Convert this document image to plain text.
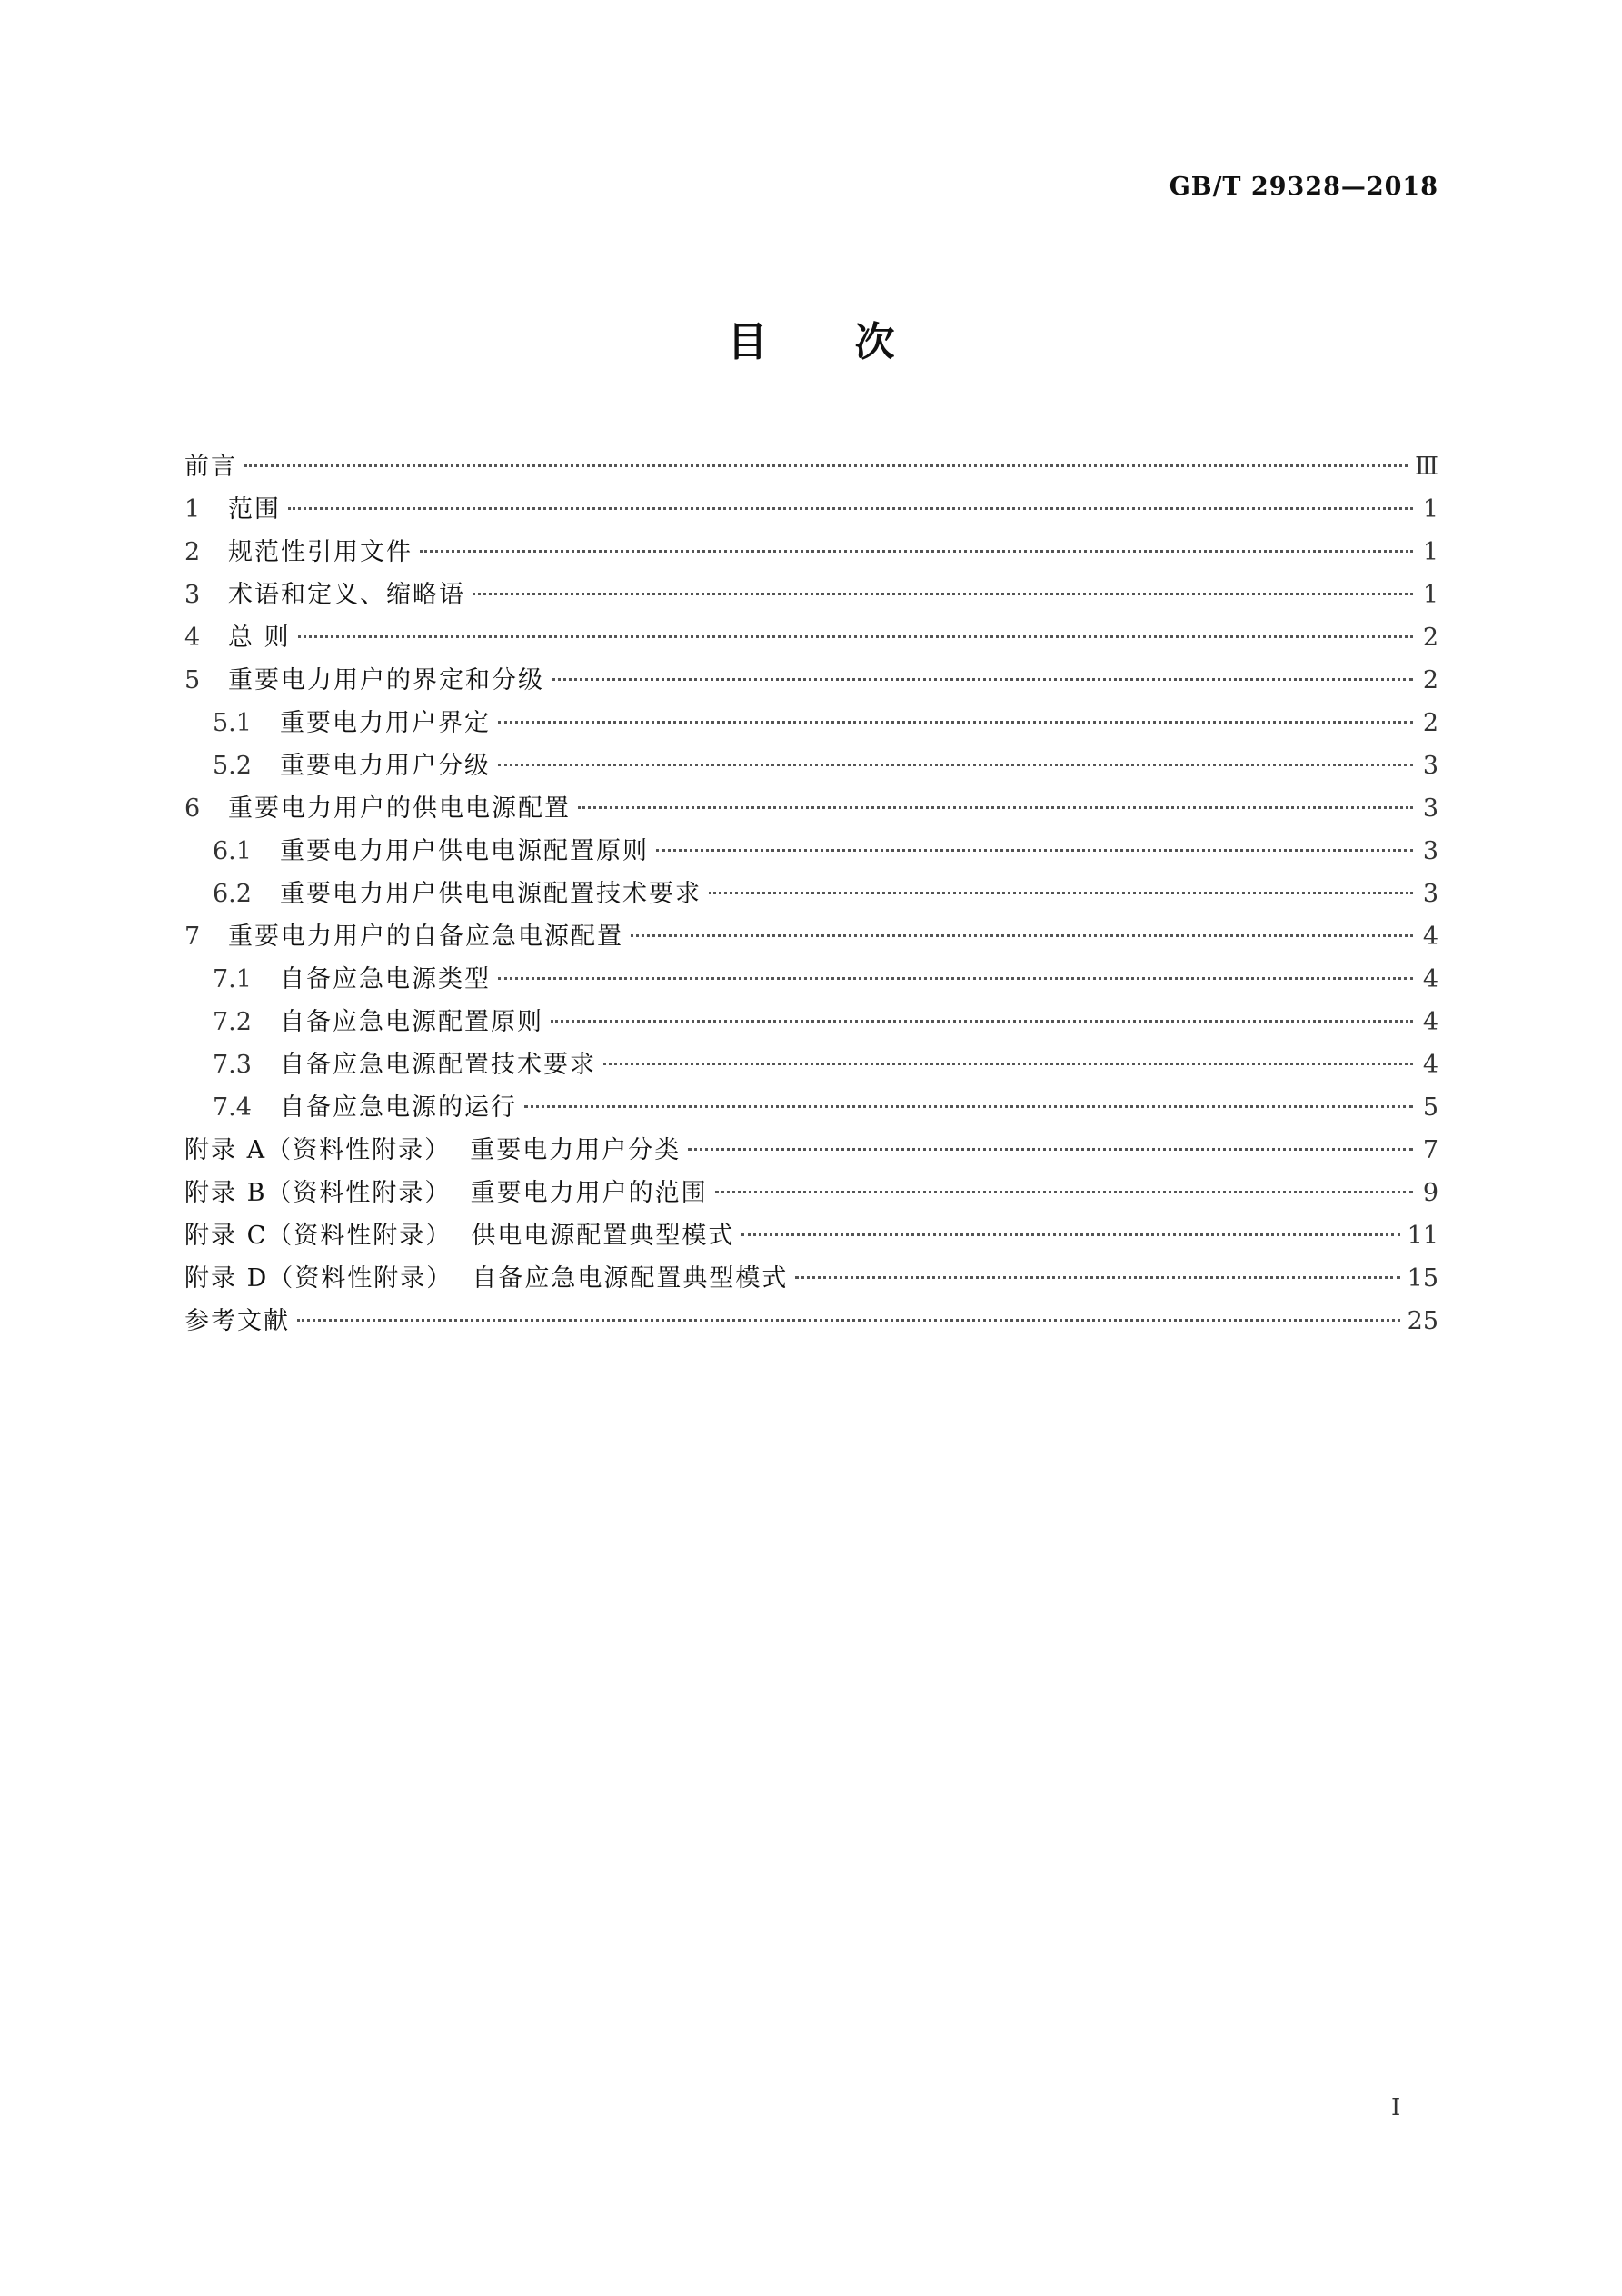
GB/T 29328—2018
目次
前言	Ⅲ
1	范围	1
2	规范性引用文件	1
3	术语和定义、缩略语	1
4	总 则	2
5	重要电力用户的界定和分级	2
5.1	重要电力用户界定	2
5.2	重要电力用户分级	3
6	重要电力用户的供电电源配置	3
6.1	重要电力用户供电电源配置原则	3
6.2	重要电力用户供电电源配置技术要求	3
7	重要电力用户的自备应急电源配置	4
7.1	自备应急电源类型	4
7.2	自备应急电源配置原则	4
7.3	自备应急电源配置技术要求	4
7.4	自备应急电源的运行	5
附录 A（资料性附录）  重要电力用户分类	7
附录 B（资料性附录）  重要电力用户的范围	9
附录 C（资料性附录）  供电电源配置典型模式	11
附录 D（资料性附录）  自备应急电源配置典型模式	15
参考文献	25
I
